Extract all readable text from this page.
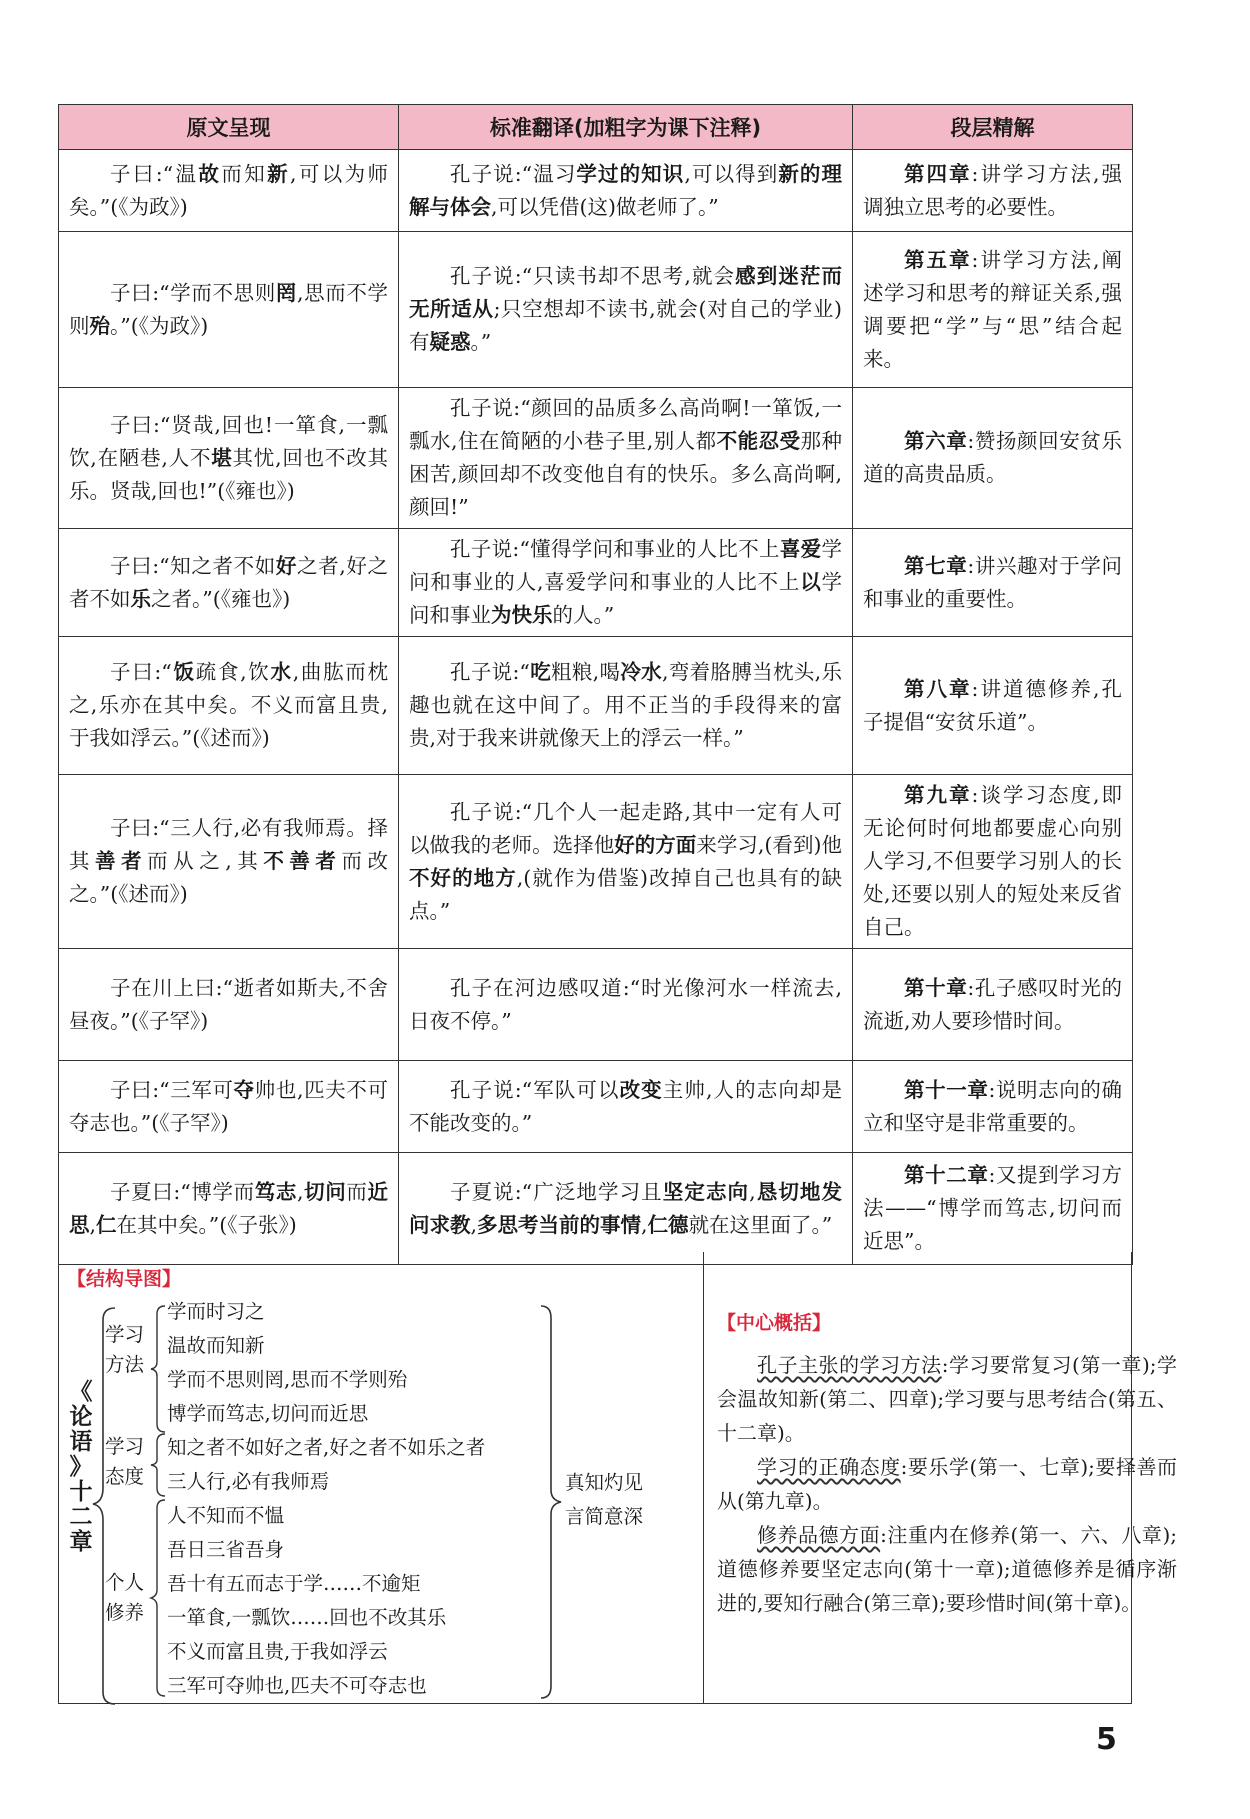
原文呈现	标准翻译(加粗字为课下注释)	段层精解

子曰:“温故而知新,可以为师矣。”(《为政》)	孔子说:“温习学过的知识,可以得到新的理解与体会,可以凭借(这)做老师了。”	第四章:讲学习方法,强调独立思考的必要性。

子曰:“学而不思则罔,思而不学则殆。”(《为政》)	孔子说:“只读书却不思考,就会感到迷茫而无所适从;只空想却不读书,就会(对自己的学业)有疑惑。”	第五章:讲学习方法,阐述学习和思考的辩证关系,强调要把“学”与“思”结合起来。

子曰:“贤哉,回也!一箪食,一瓢饮,在陋巷,人不堪其忧,回也不改其乐。贤哉,回也!”(《雍也》)	孔子说:“颜回的品质多么高尚啊!一箪饭,一瓢水,住在简陋的小巷子里,别人都不能忍受那种困苦,颜回却不改变他自有的快乐。多么高尚啊,颜回!”	第六章:赞扬颜回安贫乐道的高贵品质。

子曰:“知之者不如好之者,好之者不如乐之者。”(《雍也》)	孔子说:“懂得学问和事业的人比不上喜爱学问和事业的人,喜爱学问和事业的人比不上以学问和事业为快乐的人。”	第七章:讲兴趣对于学问和事业的重要性。

子曰:“饭疏食,饮水,曲肱而枕之,乐亦在其中矣。不义而富且贵,于我如浮云。”(《述而》)	孔子说:“吃粗粮,喝冷水,弯着胳膊当枕头,乐趣也就在这中间了。用不正当的手段得来的富贵,对于我来讲就像天上的浮云一样。”	第八章:讲道德修养,孔子提倡“安贫乐道”。

子曰:“三人行,必有我师焉。择其善者而从之,其不善者而改之。”(《述而》)	孔子说:“几个人一起走路,其中一定有人可以做我的老师。选择他好的方面来学习,(看到)他不好的地方,(就作为借鉴)改掉自己也具有的缺点。”	第九章:谈学习态度,即无论何时何地都要虚心向别人学习,不但要学习别人的长处,还要以别人的短处来反省自己。

子在川上曰:“逝者如斯夫,不舍昼夜。”(《子罕》)	孔子在河边感叹道:“时光像河水一样流去,日夜不停。”	第十章:孔子感叹时光的流逝,劝人要珍惜时间。

子曰:“三军可夺帅也,匹夫不可夺志也。”(《子罕》)	孔子说:“军队可以改变主帅,人的志向却是不能改变的。”	第十一章:说明志向的确立和坚守是非常重要的。

子夏曰:“博学而笃志,切问而近思,仁在其中矣。”(《子张》)	子夏说:“广泛地学习且坚定志向,恳切地发问求教,多思考当前的事情,仁德就在这里面了。”	第十二章:又提到学习方法——“博学而笃志,切问而近思”。
【结构导图】
《
论
语
》
十
二
章
学习
方法
学而时习之
温故而知新
学而不思则罔,思而不学则殆
博学而笃志,切问而近思
学习
态度
知之者不如好之者,好之者不如乐之者
三人行,必有我师焉
个人
修养
人不知而不愠
吾日三省吾身
吾十有五而志于学……不逾矩
一箪食,一瓢饮……回也不改其乐
不义而富且贵,于我如浮云
三军可夺帅也,匹夫不可夺志也
真知灼见
言简意深
【中心概括】

孔子主张的学习方法:学习要常复习(第一章);学会温故知新(第二、四章);学习要与思考结合(第五、十二章)。

学习的正确态度:要乐学(第一、七章);要择善而从(第九章)。

修养品德方面:注重内在修养(第一、六、八章);道德修养要坚定志向(第十一章);道德修养是循序渐进的,要知行融合(第三章);要珍惜时间(第十章)。

5
